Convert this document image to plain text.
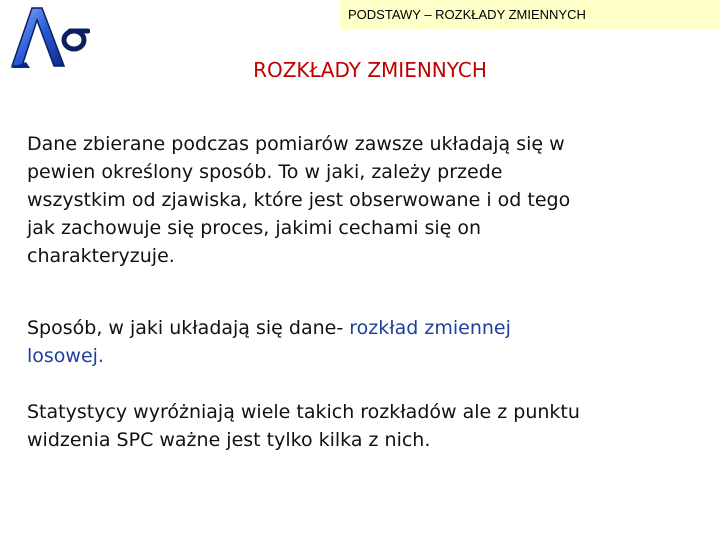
PODSTAWY – ROZKŁADY ZMIENNYCH
ROZKŁADY ZMIENNYCH
Dane zbierane podczas pomiarów zawsze układają się w
pewien określony sposób. To w jaki, zależy przede
wszystkim od zjawiska, które jest obserwowane i od tego
jak zachowuje się proces, jakimi cechami się on
charakteryzuje.
Sposób, w jaki układają się dane- rozkład zmiennej
losowej.
Statystycy wyróżniają wiele takich rozkładów ale z punktu
widzenia SPC ważne jest tylko kilka z nich.
